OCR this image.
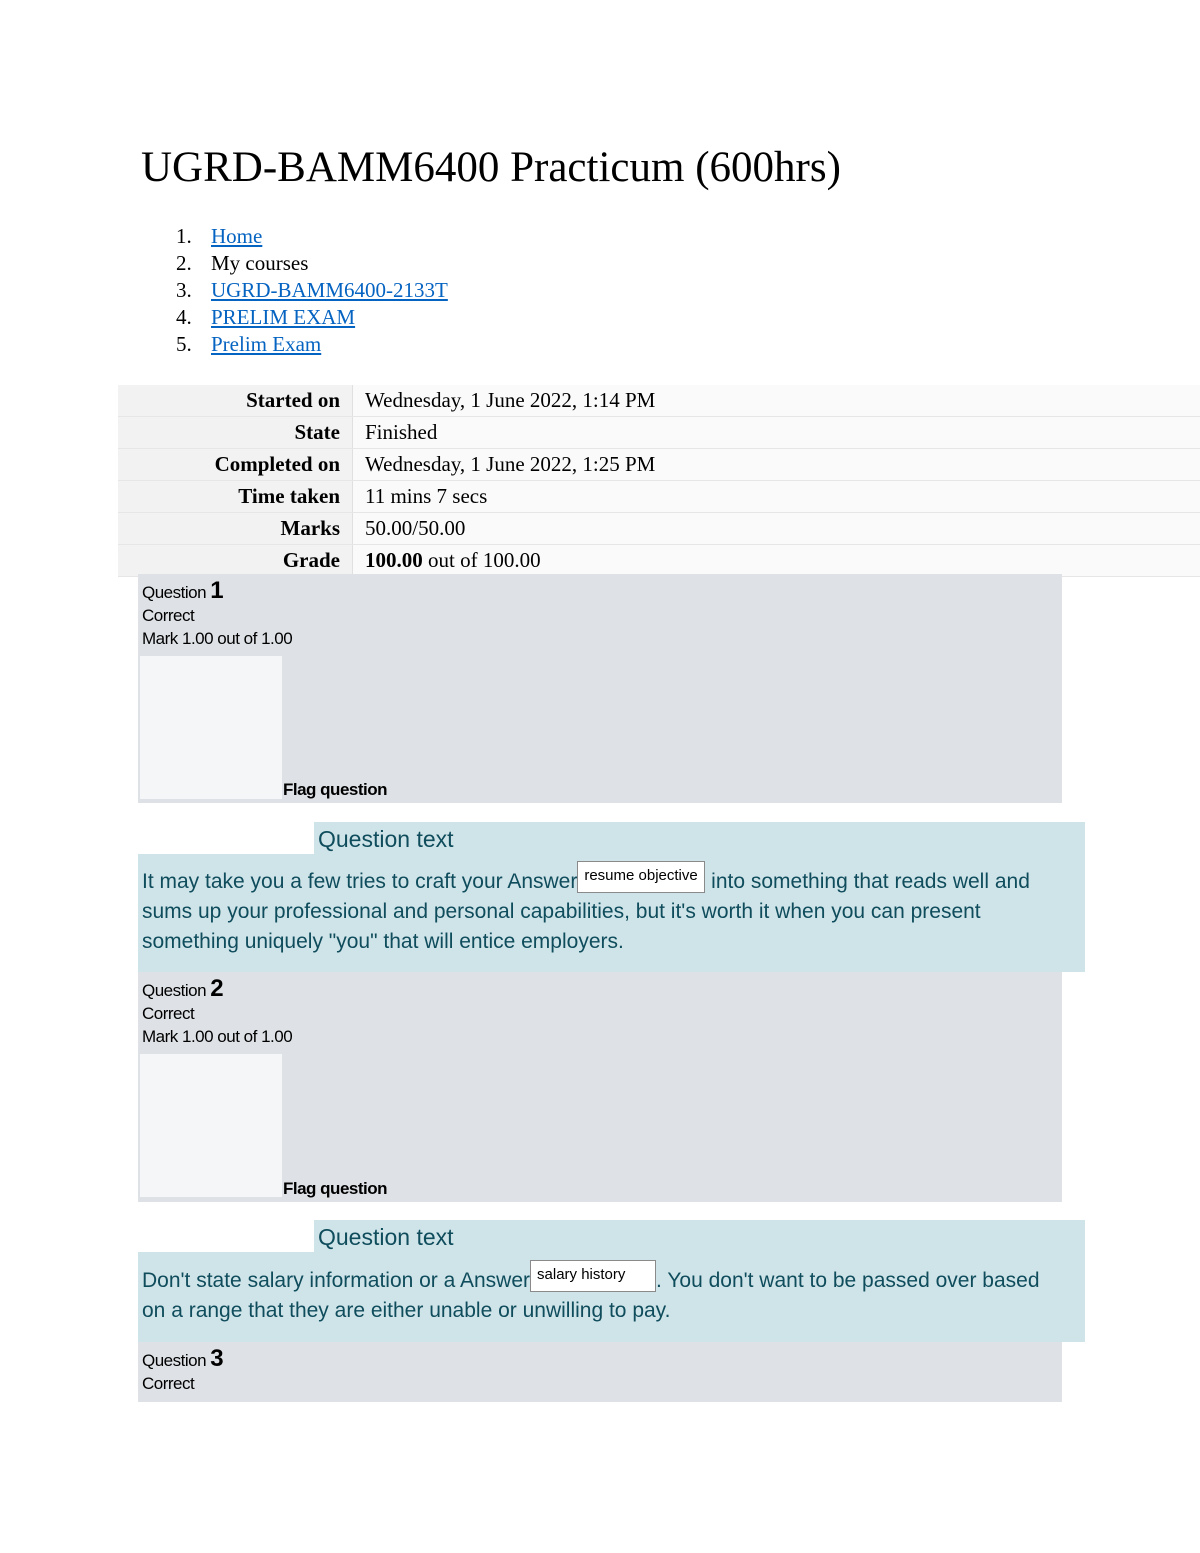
UGRD-BAMM6400 Practicum (600hrs)
1. Home
2. My courses
3. UGRD-BAMM6400-2133T
4. PRELIM EXAM
5. Prelim Exam
Started on	Wednesday, 1 June 2022, 1:14 PM
State	Finished
Completed on	Wednesday, 1 June 2022, 1:25 PM
Time taken	11 mins 7 secs
Marks	50.00/50.00
Grade	100.00 out of 100.00
Question 1
Correct
Mark 1.00 out of 1.00
Flag question
Question text
It may take you a few tries to craft your Answer resume objective into something that reads well and sums up your professional and personal capabilities, but it's worth it when you can present something uniquely "you" that will entice employers.
Question 2
Correct
Mark 1.00 out of 1.00
Flag question
Question text
Don't state salary information or a Answer salary history . You don't want to be passed over based on a range that they are either unable or unwilling to pay.
Question 3
Correct
